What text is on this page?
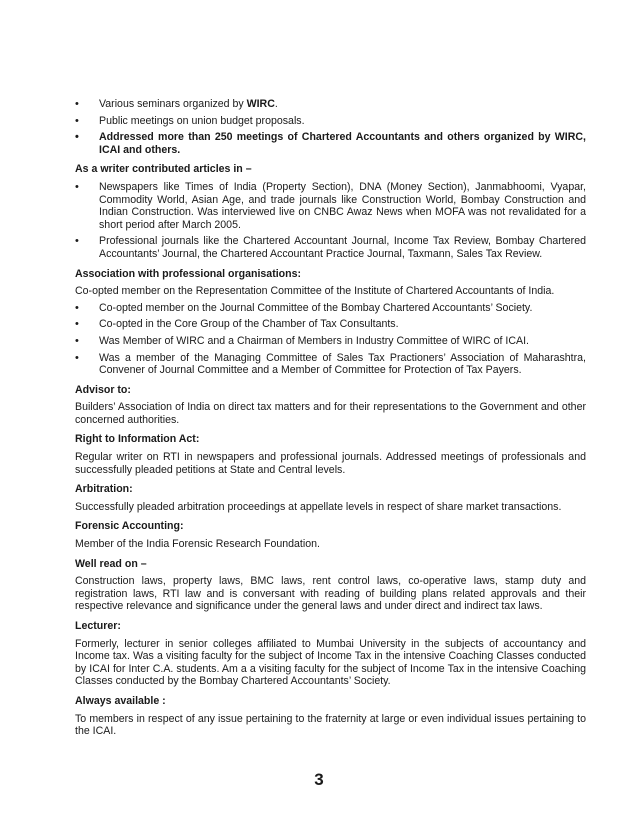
• Various seminars organized by WIRC.
• Public meetings on union budget proposals.
• Addressed more than 250 meetings of Chartered Accountants and others organized by WIRC, ICAI and others.
As a writer contributed articles in –
• Newspapers like Times of India (Property Section), DNA (Money Section), Janmabhoomi, Vyapar, Commodity World, Asian Age, and trade journals like Construction World, Bombay Construction and Indian Construction. Was interviewed live on CNBC Awaz News when MOFA was not revalidated for a short period after March 2005.
• Professional journals like the Chartered Accountant Journal, Income Tax Review, Bombay Chartered Accountants’ Journal, the Chartered Accountant Practice Journal, Taxmann, Sales Tax Review.
Association with professional organisations:

Co-opted member on the Representation Committee of the Institute of Chartered Accountants of India.

• Co-opted member on the Journal Committee of the Bombay Chartered Accountants’ Society.
• Co-opted in the Core Group of the Chamber of Tax Consultants.
• Was Member of WIRC and a Chairman of Members in Industry Committee of WIRC of ICAI.
• Was a member of the Managing Committee of Sales Tax Practioners’ Association of Maharashtra, Convener of Journal Committee and a Member of Committee for Protection of Tax Payers.
Advisor to:

Builders’ Association of India on direct tax matters and for their representations to the Government and other concerned authorities.

Right to Information Act:

Regular writer on RTI in newspapers and professional journals. Addressed meetings of professionals and successfully pleaded petitions at State and Central levels.

Arbitration:

Successfully pleaded arbitration proceedings at appellate levels in respect of share market transactions.

Forensic Accounting:

Member of the India Forensic Research Foundation.

Well read on –

Construction laws, property laws, BMC laws, rent control laws, co-operative laws, stamp duty and registration laws, RTI law and is conversant with reading of building plans related approvals and their respective relevance and significance under the general laws and under direct and indirect tax laws.

Lecturer:

Formerly, lecturer in senior colleges affiliated to Mumbai University in the subjects of accountancy and Income tax. Was a visiting faculty for the subject of Income Tax in the intensive Coaching Classes conducted by ICAI for Inter C.A. students. Am a a visiting faculty for the subject of Income Tax in the intensive Coaching Classes conducted by the Bombay Chartered Accountants’ Society.

Always available :

To members in respect of any issue pertaining to the fraternity at large or even individual issues pertaining to the ICAI.

3
